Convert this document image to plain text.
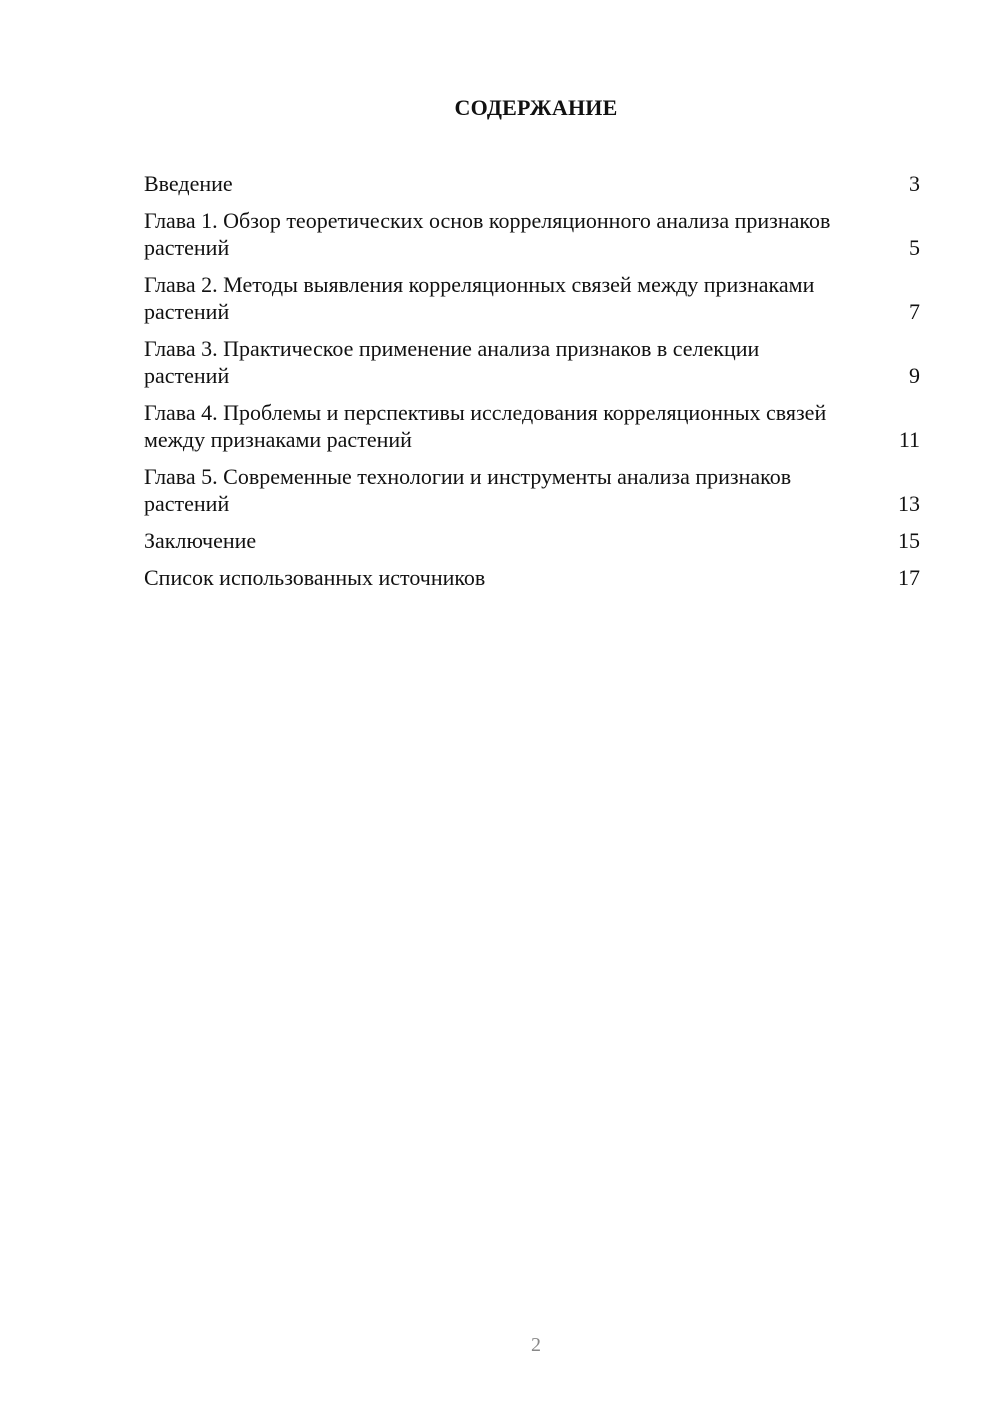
СОДЕРЖАНИЕ
Введение	3
Глава 1. Обзор теоретических основ корреляционного анализа признаков растений	5
Глава 2. Методы выявления корреляционных связей между признаками растений	7
Глава 3. Практическое применение анализа признаков в селекции растений	9
Глава 4. Проблемы и перспективы исследования корреляционных связей между признаками растений	11
Глава 5. Современные технологии и инструменты анализа признаков растений	13
Заключение	15
Список использованных источников	17
2
